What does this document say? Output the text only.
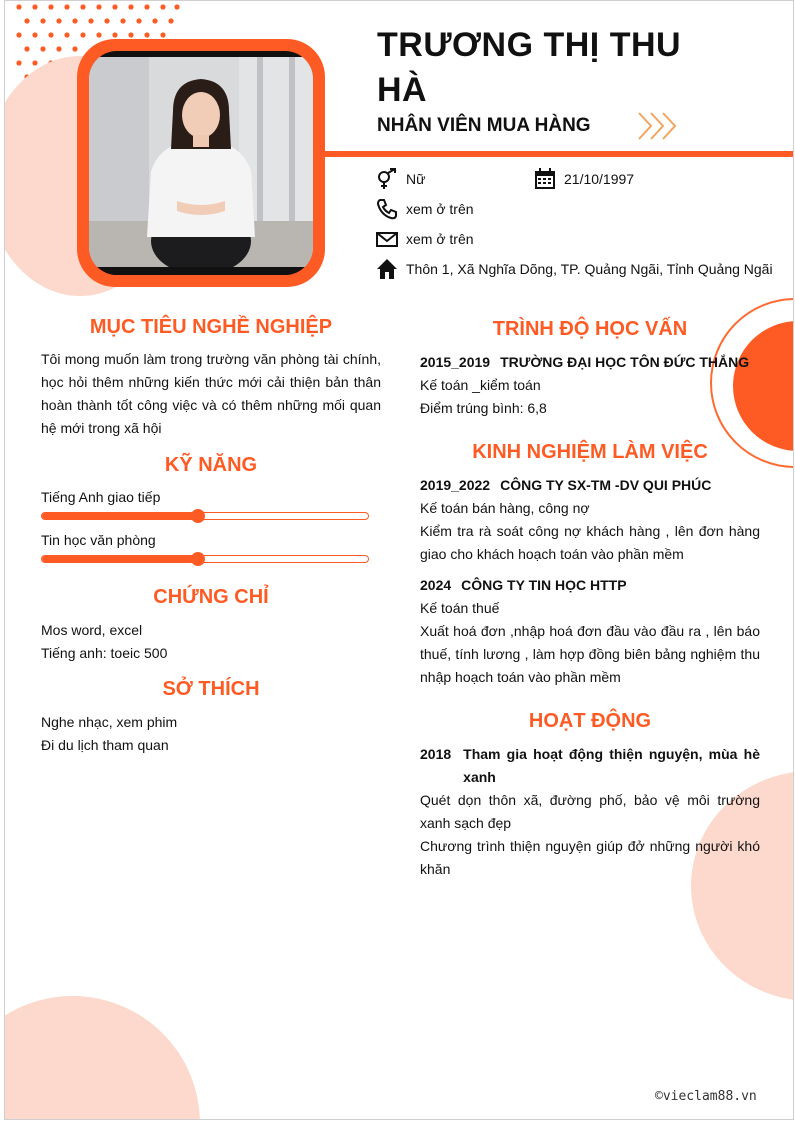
TRƯƠNG THỊ THU HÀ
NHÂN VIÊN MUA HÀNG
Nữ	21/10/1997
xem ở trên
xem ở trên
Thôn 1, Xã Nghĩa Dõng, TP. Quảng Ngãi, Tỉnh Quảng Ngãi
MỤC TIÊU NGHỀ NGHIỆP
Tôi mong muốn làm trong trường văn phòng tài chính, học hỏi thêm những kiến thức mới cải thiện bản thân hoàn thành tốt công việc và có thêm những mối quan hệ mới trong xã hội
KỸ NĂNG
Tiếng Anh giao tiếp
Tin học văn phòng
CHỨNG CHỈ
Mos word, excel
Tiếng anh: toeic 500
SỞ THÍCH
Nghe nhạc, xem phim
Đi du lịch tham quan
TRÌNH ĐỘ HỌC VẤN
2015_2019 TRƯỜNG ĐẠI HỌC TÔN ĐỨC THẮNG
Kế toán _kiểm toán
Điểm trúng bình: 6,8
KINH NGHIỆM LÀM VIỆC
2019_2022 CÔNG TY SX-TM -DV QUI PHÚC
Kế toán bán hàng, công nợ
Kiểm tra rà soát công nợ khách hàng , lên đơn hàng giao cho khách hoạch toán vào phần mềm
2024 CÔNG TY TIN HỌC HTTP
Kế toán thuế
Xuất hoá đơn ,nhập hoá đơn đầu vào đầu ra , lên báo thuế, tính lương , làm hợp đồng biên bảng nghiệm thu nhập hoạch toán vào phần mềm
HOẠT ĐỘNG
2018 Tham gia hoạt động thiện nguyện, mùa hè xanh
Quét dọn thôn xã, đường phố, bảo vệ môi trường xanh sạch đẹp
Chương trình thiện nguyện giúp đở những người khó khăn
©vieclam88.vn
